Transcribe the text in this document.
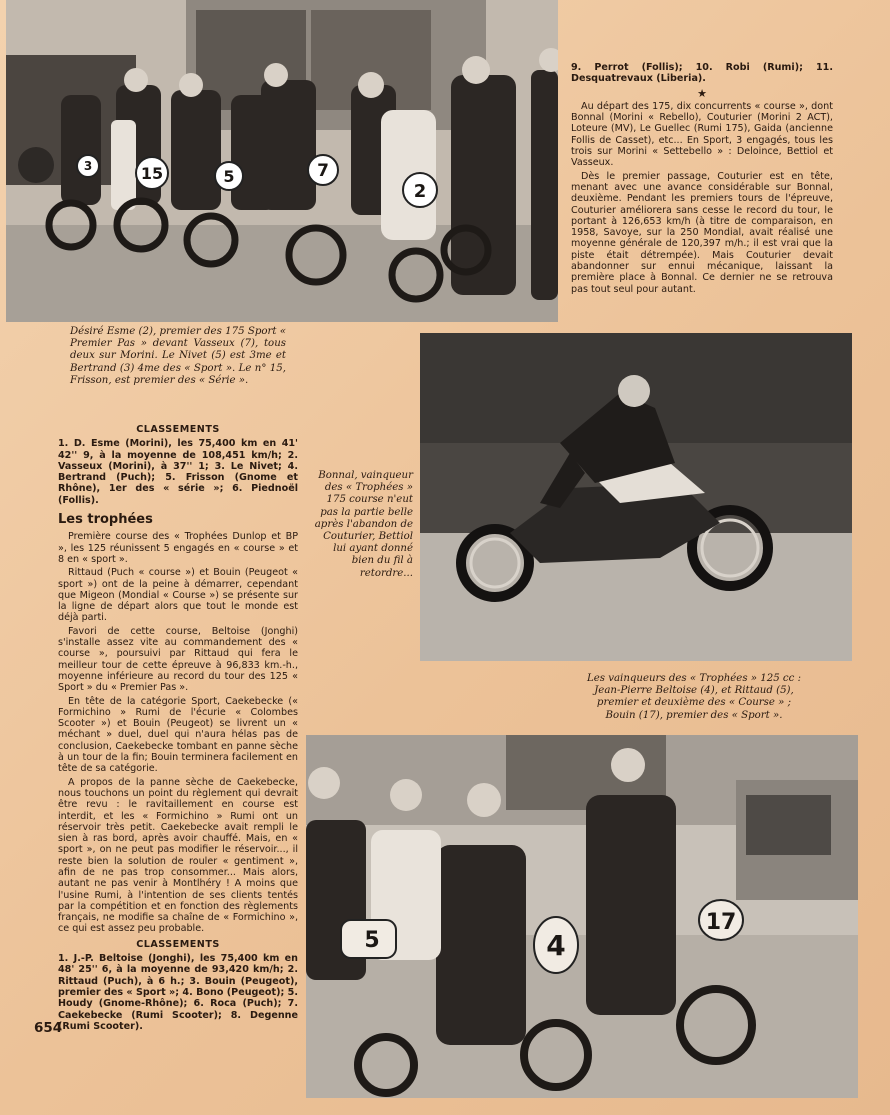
3	15	5	7
2
9. Perrot (Follis); 10. Robi (Rumi); 11. Desquatrevaux (Liberia).
★

Au départ des 175, dix concurrents « course », dont Bonnal (Morini « Rebello), Couturier (Morini 2 ACT), Loteure (MV), Le Guellec (Rumi 175), Gaida (ancienne Follis de Casset), etc... En Sport, 3 engagés, tous les trois sur Morini « Settebello » : Deloince, Bettiol et Vasseux.

Dès le premier passage, Couturier est en tête, menant avec une avance considérable sur Bonnal, deuxième. Pendant les premiers tours de l'épreuve, Couturier améliorera sans cesse le record du tour, le portant à 126,653 km/h (à titre de comparaison, en 1958, Savoye, sur la 250 Mondial, avait réalisé une moyenne générale de 120,397 m/h.; il est vrai que la piste était détrempée). Mais Couturier devait abandonner sur ennui mécanique, laissant la première place à Bonnal. Ce dernier ne se retrouva pas tout seul pour autant.

Désiré Esme (2), premier des 175 Sport « Premier Pas » devant Vasseux (7), tous deux sur Morini. Le Nivet (5) est 3me et Bertrand (3) 4me des « Sport ». Le n° 15, Frisson, est premier des « Série ».
CLASSEMENTS
1. D. Esme (Morini), les 75,400 km en 41' 42'' 9, à la moyenne de 108,451 km/h; 2. Vasseux (Morini), à 37'' 1; 3. Le Nivet; 4. Bertrand (Puch); 5. Frisson (Gnome et Rhône), 1er des « série »; 6. Piednoël (Follis).
Les trophées

Première course des « Trophées Dunlop et BP », les 125 réunissent 5 engagés en « course » et 8 en « sport ».

Rittaud (Puch « course ») et Bouin (Peugeot « sport ») ont de la peine à démarrer, cependant que Migeon (Mondial « Course ») se présente sur la ligne de départ alors que tout le monde est déjà parti.

Favori de cette course, Beltoise (Jonghi) s'installe assez vite au commandement des « course », poursuivi par Rittaud qui fera le meilleur tour de cette épreuve à 96,833 km.-h., moyenne inférieure au record du tour des 125 « Sport » du « Premier Pas ».

En tête de la catégorie Sport, Caekebecke (« Formichino » Rumi de l'écurie « Colombes Scooter ») et Bouin (Peugeot) se livrent un « méchant » duel, duel qui n'aura hélas pas de conclusion, Caekebecke tombant en panne sèche à un tour de la fin; Bouin terminera facilement en tête de sa catégorie.

A propos de la panne sèche de Caekebecke, nous touchons un point du règlement qui devrait être revu : le ravitaillement en course est interdit, et les « Formichino » Rumi ont un réservoir très petit. Caekebecke avait rempli le sien à ras bord, après avoir chauffé. Mais, en « sport », on ne peut pas modifier le réservoir..., il reste bien la solution de rouler « gentiment », afin de ne pas trop consommer... Mais alors, autant ne pas venir à Montlhéry ! A moins que l'usine Rumi, à l'intention de ses clients tentés par la compétition et en fonction des règlements français, ne modifie sa chaîne de « Formichino », ce qui est assez peu probable.

CLASSEMENTS
1. J.-P. Beltoise (Jonghi), les 75,400 km en 48' 25'' 6, à la moyenne de 93,420 km/h; 2. Rittaud (Puch), à 6 h.; 3. Bouin (Peugeot), premier des « Sport »; 4. Bono (Peugeot); 5. Houdy (Gnome-Rhône); 6. Roca (Puch); 7. Caekebecke (Rumi Scooter); 8. Degenne (Rumi Scooter).
Bonnal, vainqueur des « Trophées » 175 course n'eut pas la partie belle après l'abandon de Couturier, Bettiol lui ayant donné bien du fil à retordre...
Les vainqueurs des « Trophées » 125 cc : Jean-Pierre Beltoise (4), et Rittaud (5), premier et deuxième des « Course » ; Bouin (17), premier des « Sport ».
5	4
17
654
